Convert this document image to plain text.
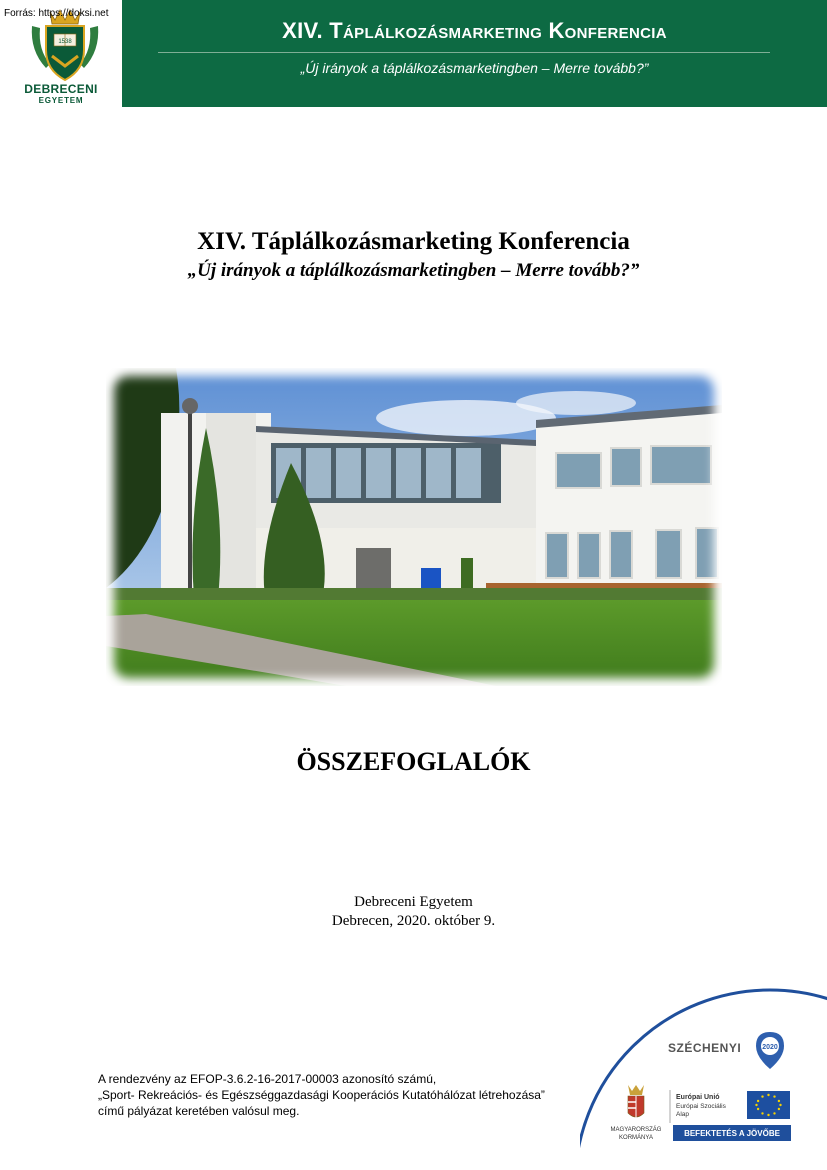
Forrás: https://doksi.net
1538
DEBRECENI
EGYETEM
XIV. Táplálkozásmarketing Konferencia
„Új irányok a táplálkozásmarketingben – Merre tovább?”
XIV. Táplálkozásmarketing Konferencia
„Új irányok a táplálkozásmarketingben – Merre tovább?”
ÖSSZEFOGLALÓK
Debreceni Egyetem
Debrecen, 2020. október 9.
A rendezvény az EFOP-3.6.2-16-2017-00003 azonosító számú,
„Sport- Rekreációs- és Egészséggazdasági Kooperációs Kutatóhálózat létrehozása”
című pályázat keretében valósul meg.
SZÉCHENYI	2020
MAGYARORSZÁG
KORMÁNYA
Európai Unió
Európai Szociális
Alap
BEFEKTETÉS A JÖVŐBE
